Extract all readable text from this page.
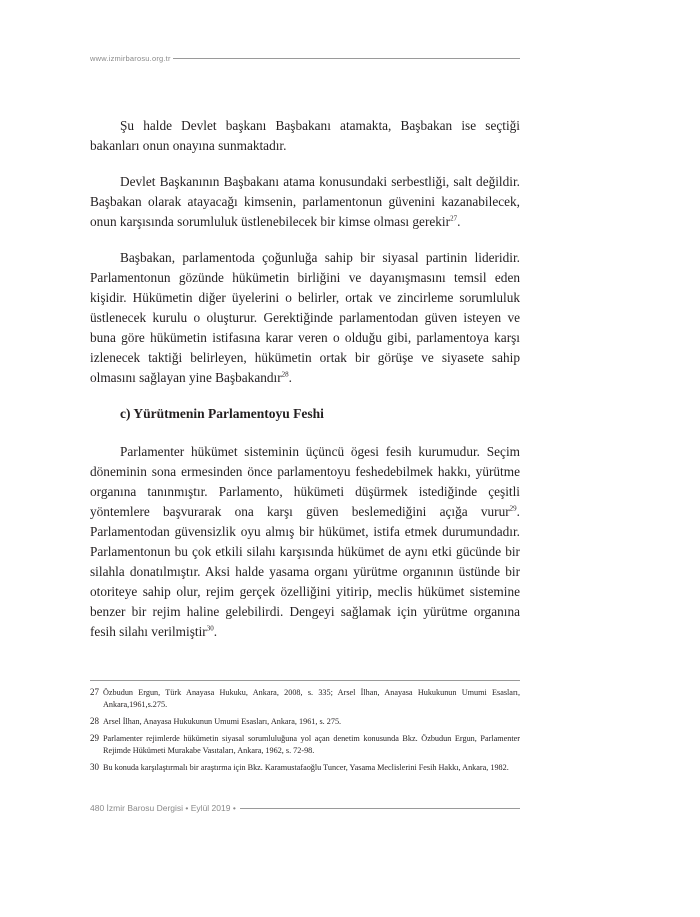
www.izmirbarosu.org.tr

Şu halde Devlet başkanı Başbakanı atamakta, Başbakan ise seçtiği bakanları onun onayına sunmaktadır.

Devlet Başkanının Başbakanı atama konusundaki serbestliği, salt değildir. Başbakan olarak atayacağı kimsenin, parlamentonun güvenini kazanabilecek, onun karşısında sorumluluk üstlenebilecek bir kimse olması gerekir$^{27}$.

Başbakan, parlamentoda çoğunluğa sahip bir siyasal partinin lideridir. Parlamentonun gözünde hükümetin birliğini ve dayanışmasını temsil eden kişidir. Hükümetin diğer üyelerini o belirler, ortak ve zincirleme sorumluluk üstlenecek kurulu o oluşturur. Gerektiğinde parlamentodan güven isteyen ve buna göre hükümetin istifasına karar veren o olduğu gibi, parlamentoya karşı izlenecek taktiği belirleyen, hükümetin ortak bir görüşe ve siyasete sahip olmasını sağlayan yine Başbakandır$^{28}$.

c) Yürütmenin Parlamentoyu Feshi

Parlamenter hükümet sisteminin üçüncü ögesi fesih kurumudur. Seçim döneminin sona ermesinden önce parlamentoyu feshedebilmek hakkı, yürütme organına tanınmıştır. Parlamento, hükümeti düşürmek istediğinde çeşitli yöntemlere başvurarak ona karşı güven beslemediğini açığa vurur$^{29}$. Parlamentodan güvensizlik oyu almış bir hükümet, istifa etmek durumundadır. Parlamentonun bu çok etkili silahı karşısında hükümet de aynı etki gücünde bir silahla donatılmıştır. Aksi halde yasama organı yürütme organının üstünde bir otoriteye sahip olur, rejim gerçek özelliğini yitirip, meclis hükümet sistemine benzer bir rejim haline gelebilirdi. Dengeyi sağlamak için yürütme organına fesih silahı verilmiştir$^{30}$.

27 Özbudun Ergun, Türk Anayasa Hukuku, Ankara, 2008, s. 335; Arsel İlhan, Anayasa Hukukunun Umumi Esasları, Ankara,1961,s.275.
28 Arsel İlhan, Anayasa Hukukunun Umumi Esasları, Ankara, 1961, s. 275.
29 Parlamenter rejimlerde hükümetin siyasal sorumluluğuna yol açan denetim konusunda Bkz. Özbudun Ergun, Parlamenter Rejimde Hükümeti Murakabe Vasıtaları, Ankara, 1962, s. 72-98.
30 Bu konuda karşılaştırmalı bir araştırma için Bkz. Karamustafaoğlu Tuncer, Yasama Meclislerini Fesih Hakkı, Ankara, 1982.
480 İzmir Barosu Dergisi • Eylül 2019 •
